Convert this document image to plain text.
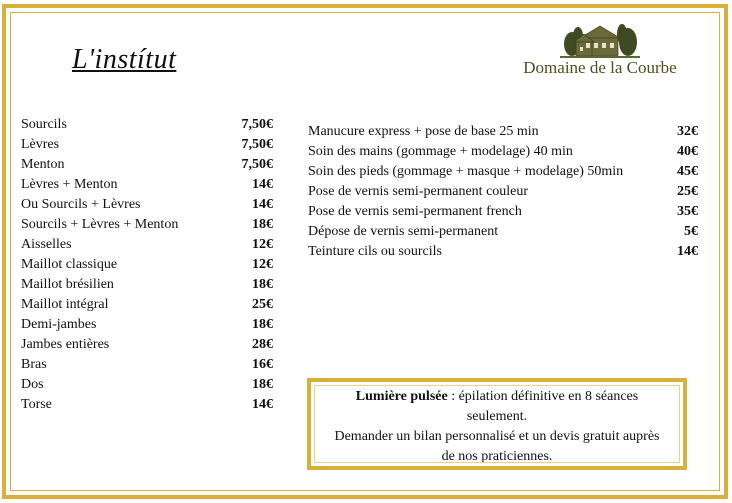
L'instítut	Domaine de la Courbe
Sourcils	7,50€
Lèvres	7,50€
Menton	7,50€
Lèvres + Menton	14€
Ou Sourcils + Lèvres	14€
Sourcils + Lèvres + Menton	18€
Aisselles	12€
Maillot classique	12€
Maillot brésilien	18€
Maillot intégral	25€
Demi-jambes	18€
Jambes entières	28€
Bras	16€
Dos	18€
Torse	14€
Manucure express + pose de base 25 min	32€
Soin des mains (gommage + modelage) 40 min	40€
Soin des pieds (gommage + masque + modelage) 50min	45€
Pose de vernis semi-permanent couleur	25€
Pose de vernis semi-permanent french	35€
Dépose de vernis semi-permanent	5€
Teinture cils ou sourcils	14€
Lumière pulsée : épilation définitive en 8 séances
seulement.
Demander un bilan personnalisé et un devis gratuit auprès
de nos praticiennes.
